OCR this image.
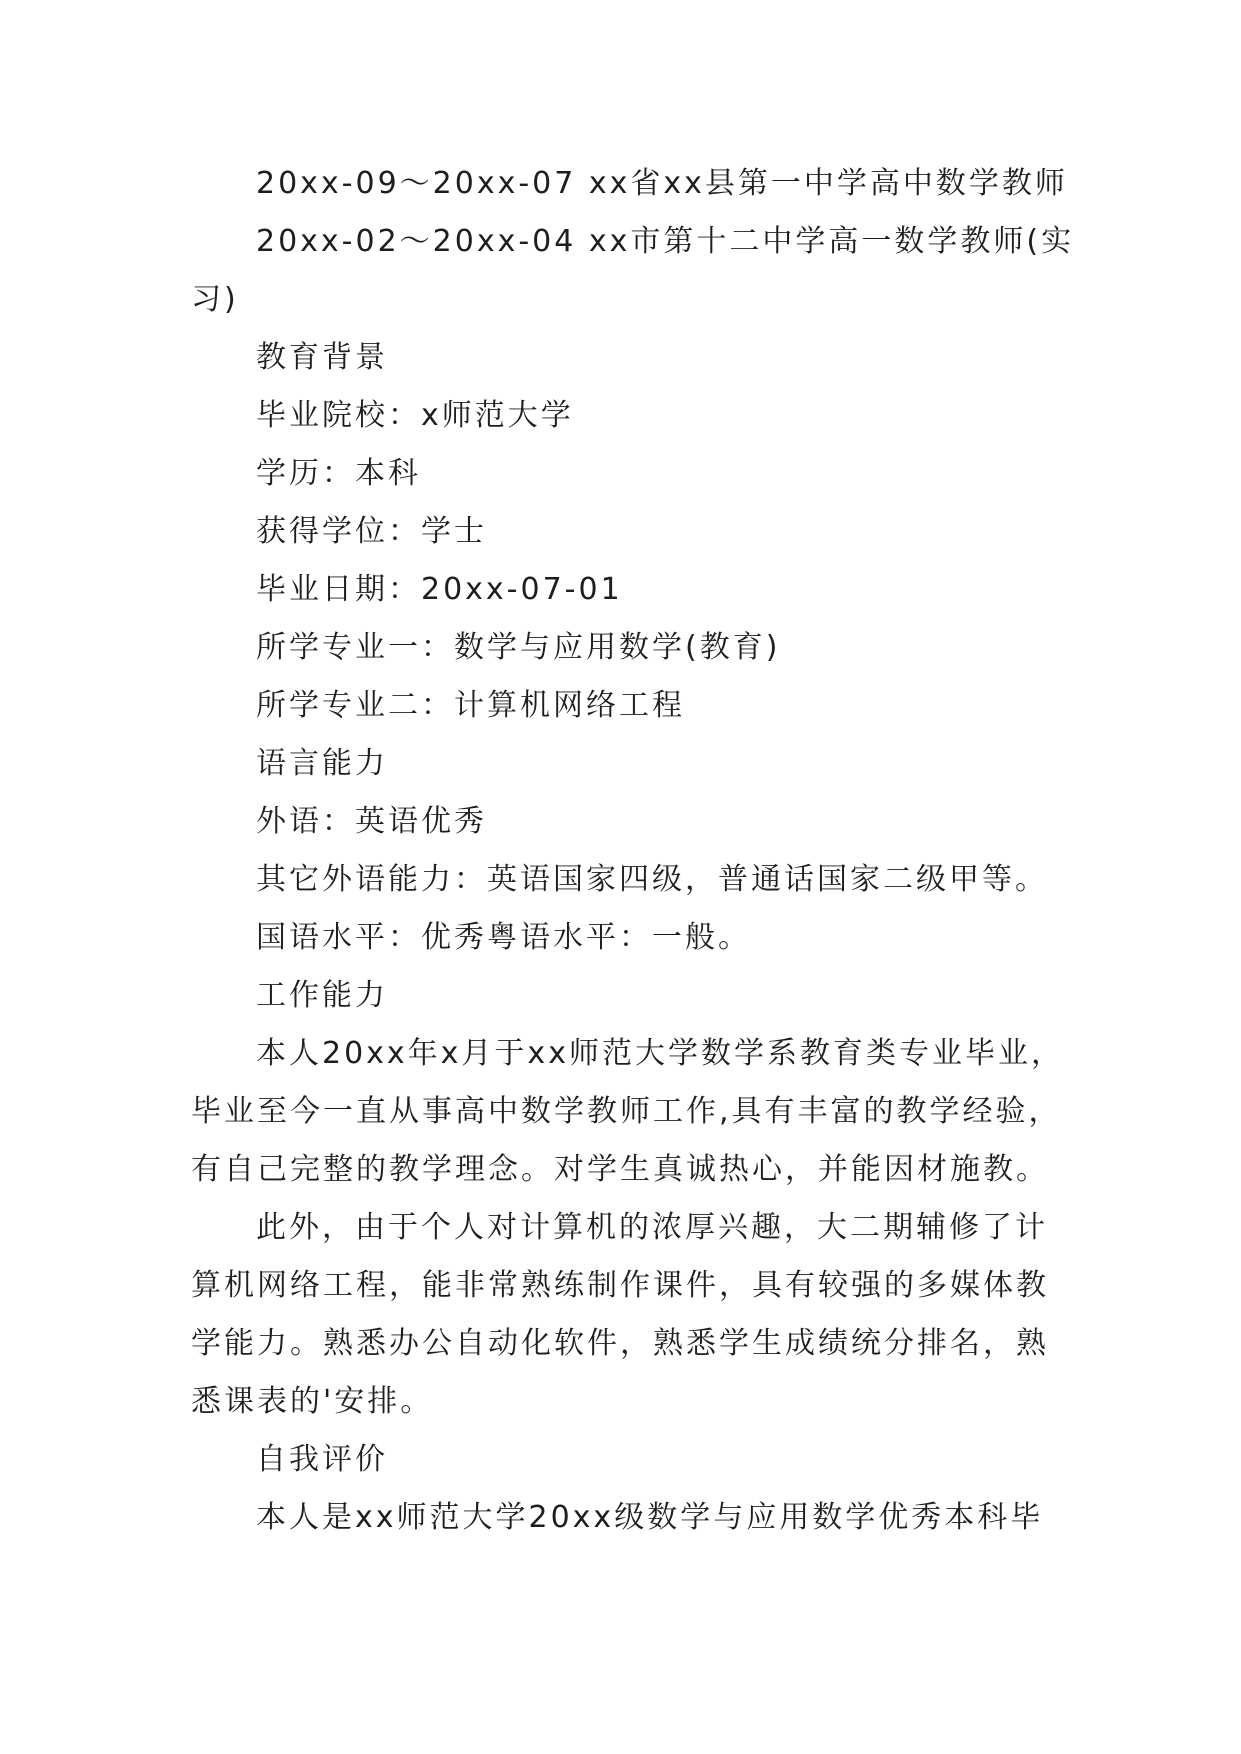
20xx-09～20xx-07 xx省xx县第一中学高中数学教师

20xx-02～20xx-04 xx市第十二中学高一数学教师(实

习)

教育背景

毕业院校：x师范大学

学历：本科

获得学位：学士

毕业日期：20xx-07-01

所学专业一：数学与应用数学(教育)

所学专业二：计算机网络工程

语言能力

外语：英语优秀

其它外语能力：英语国家四级，普通话国家二级甲等。

国语水平：优秀粤语水平：一般。

工作能力

本人20xx年x月于xx师范大学数学系教育类专业毕业，

毕业至今一直从事高中数学教师工作,具有丰富的教学经验，

有自己完整的教学理念。对学生真诚热心，并能因材施教。

此外，由于个人对计算机的浓厚兴趣，大二期辅修了计

算机网络工程，能非常熟练制作课件，具有较强的多媒体教

学能力。熟悉办公自动化软件，熟悉学生成绩统分排名，熟

悉课表的'安排。

自我评价

本人是xx师范大学20xx级数学与应用数学优秀本科毕
